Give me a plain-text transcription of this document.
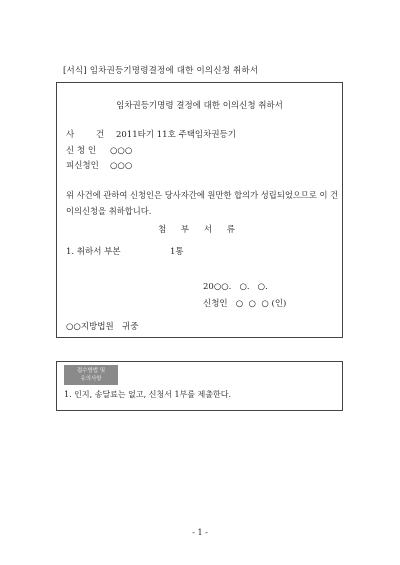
[서식] 임차권등기명령결정에 대한 이의신청 취하서
임차권등기명령 결정에 대한 이의신청 취하서
사        건 2011타기 11호 주택임차권등기
신 청 인 ○○○
피신청인 ○○○
위 사건에 관하여 신청인은 당사자간에 원만한 합의가 성립되었으므로 이 건 이의신청을 취하합니다.
첨 부 서 류
1. 취하서 부본	1통
20○○.   ○.   ○.
신청인   ○  ○  ○ (인)
○○지방법원 귀중
접수방법 및
유의사항
1. 인지, 송달료는 없고, 신청서 1부를 제출한다.
- 1 -
